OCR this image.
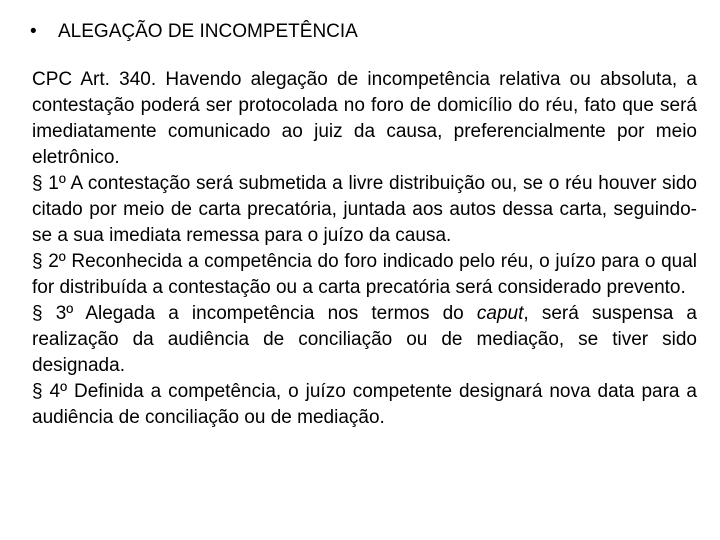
• ALEGAÇÃO DE INCOMPETÊNCIA

CPC Art. 340. Havendo alegação de incompetência relativa ou absoluta, a contestação poderá ser protocolada no foro de domicílio do réu, fato que será imediatamente comunicado ao juiz da causa, preferencialmente por meio eletrônico.

§ 1º A contestação será submetida a livre distribuição ou, se o réu houver sido citado por meio de carta precatória, juntada aos autos dessa carta, seguindo-se a sua imediata remessa para o juízo da causa.

§ 2º Reconhecida a competência do foro indicado pelo réu, o juízo para o qual for distribuída a contestação ou a carta precatória será considerado prevento.

§ 3º Alegada a incompetência nos termos do caput, será suspensa a realização da audiência de conciliação ou de mediação, se tiver sido designada.

§ 4º Definida a competência, o juízo competente designará nova data para a audiência de conciliação ou de mediação.
